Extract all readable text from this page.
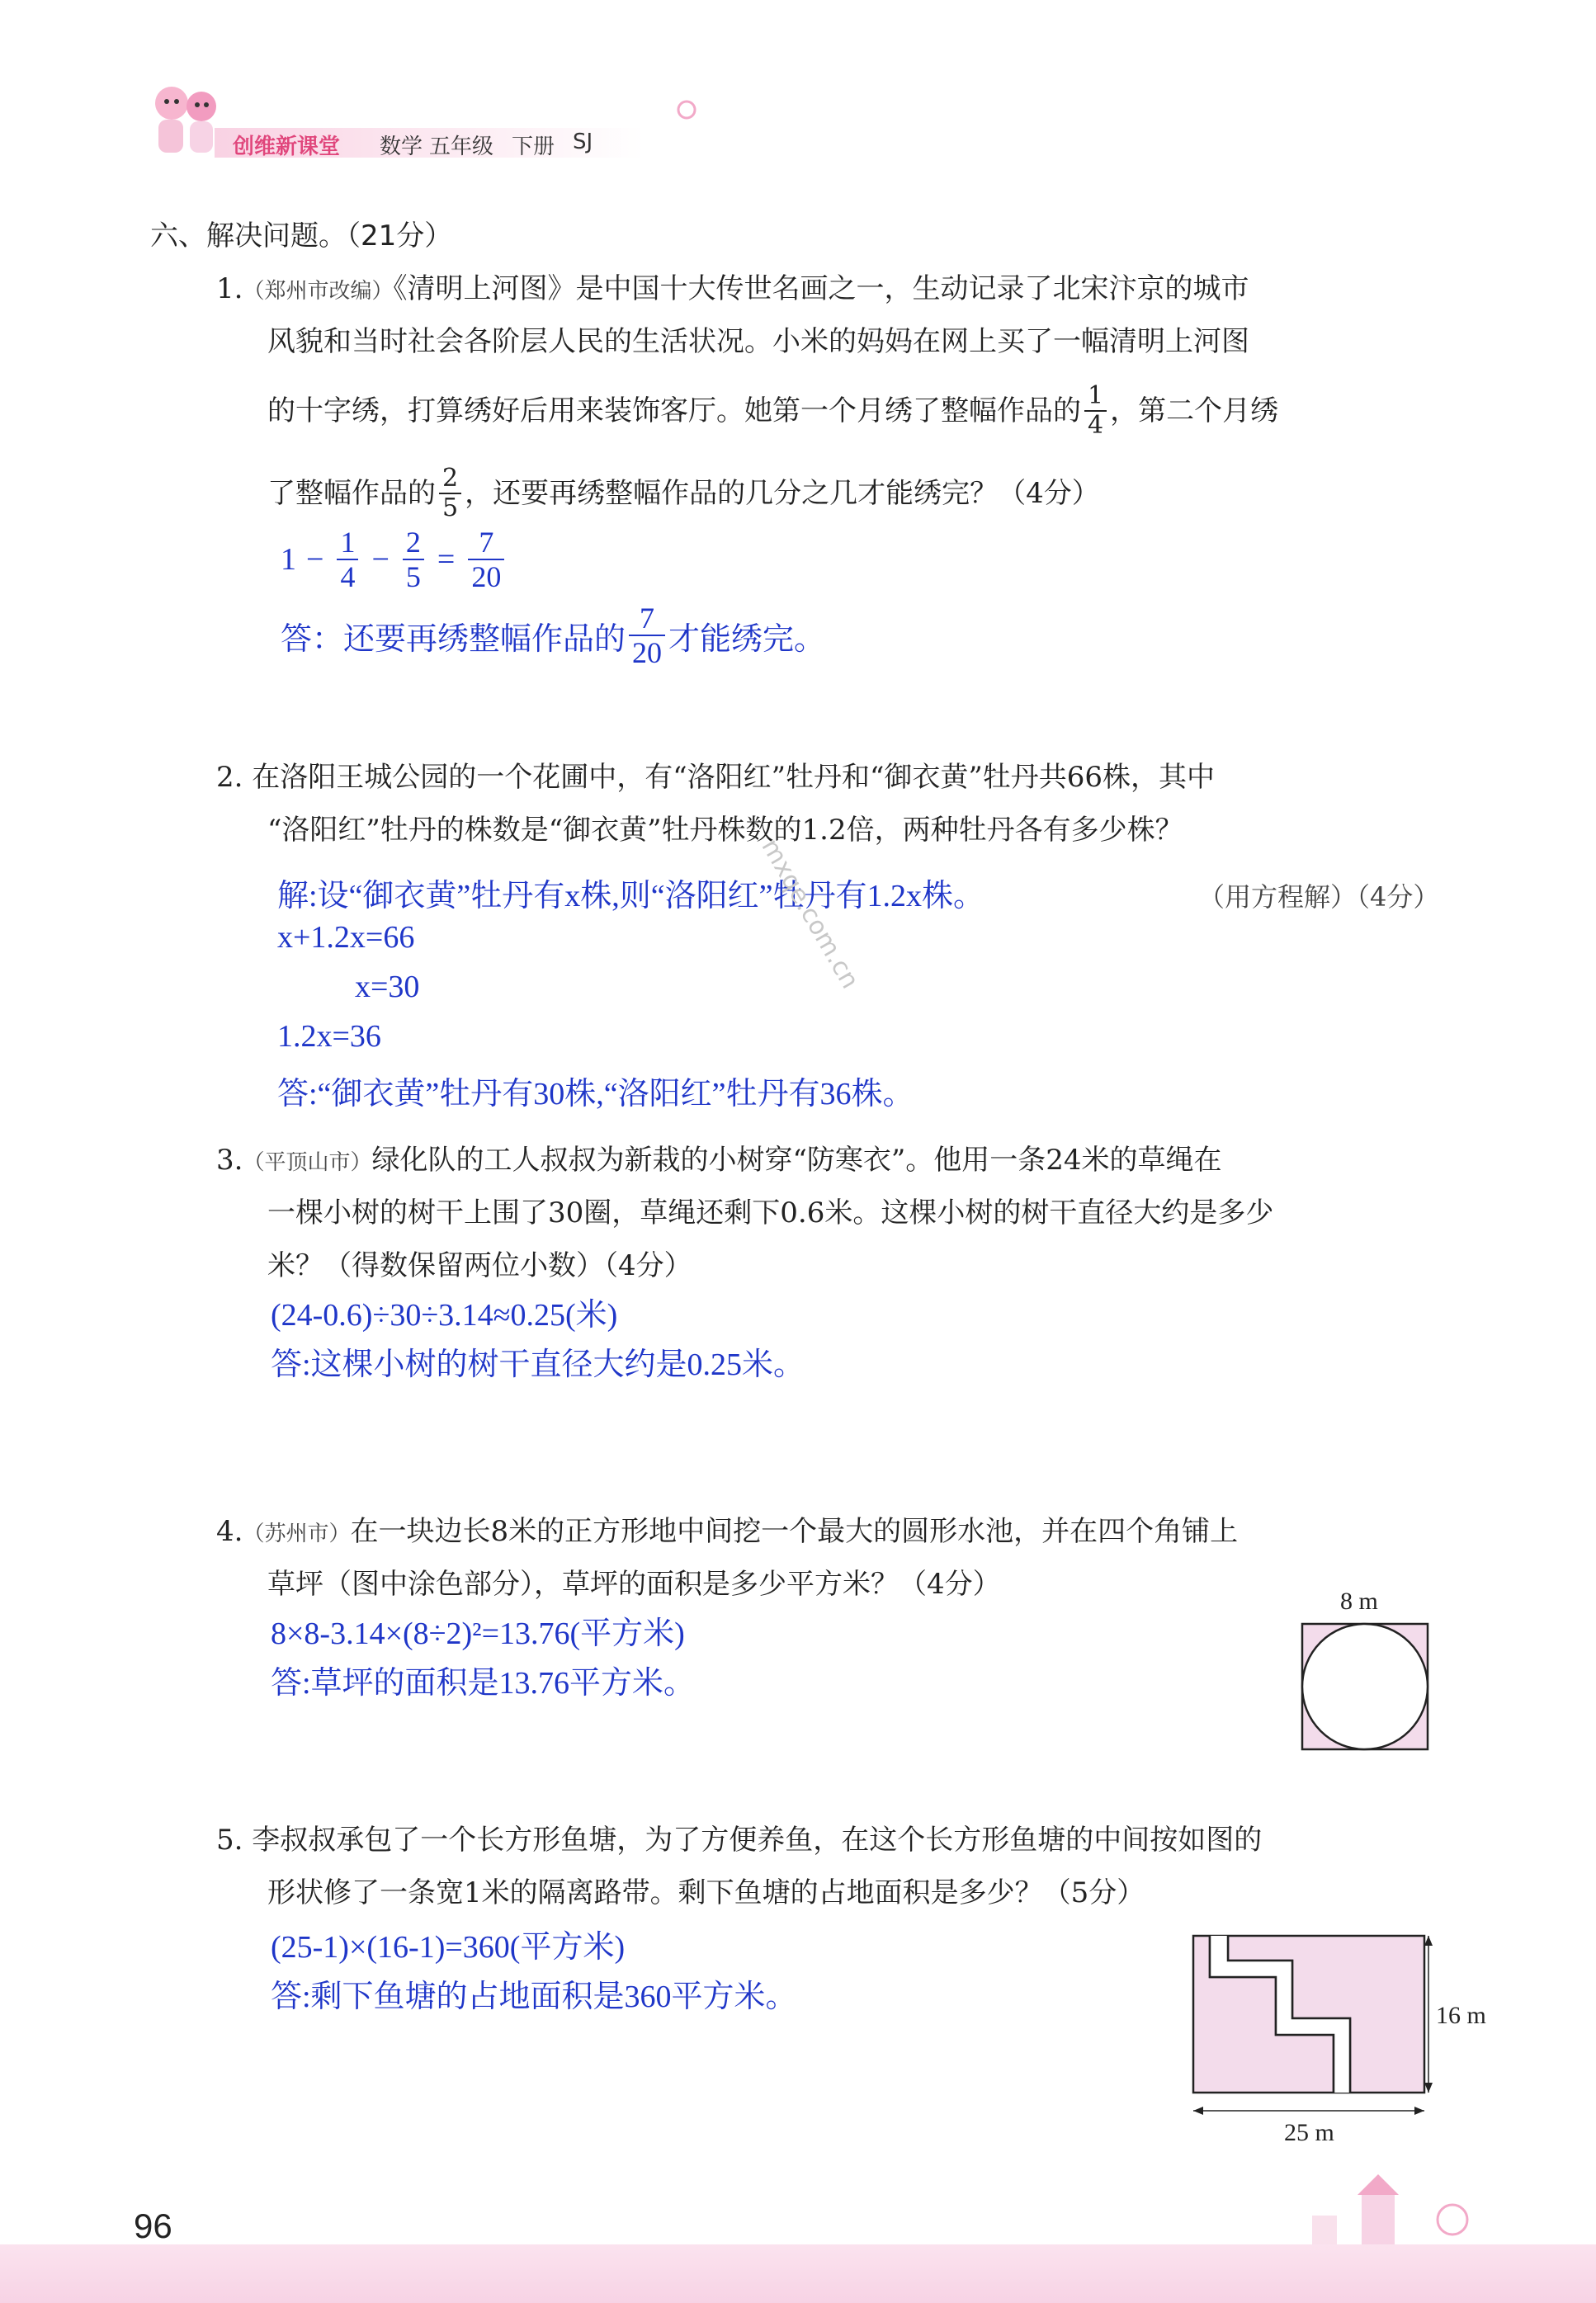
创维新课堂 数学 五年级 下册 SJ
六、解决问题。（21分）
1.（郑州市改编）《清明上河图》是中国十大传世名画之一，生动记录了北宋汴京的城市
风貌和当时社会各阶层人民的生活状况。小米的妈妈在网上买了一幅清明上河图
的十字绣，打算绣好后用来装饰客厅。她第一个月绣了整幅作品的 $\frac{1}{4}$ ，第二个月绣
了整幅作品的 $\frac{2}{5}$ ，还要再绣整幅作品的几分之几才能绣完？（4分）
$1 - \frac{1}{4} - \frac{2}{5} = \frac{7}{20}$
答：还要再绣整幅作品的 $\frac{7}{20}$ 才能绣完。
2. 在洛阳王城公园的一个花圃中，有“洛阳红”牡丹和“御衣黄”牡丹共66株，其中
“洛阳红”牡丹的株数是“御衣黄”牡丹株数的1.2倍，两种牡丹各有多少株？
（用方程解）（4分）
解:设“御衣黄”牡丹有x株,则“洛阳红”牡丹有1.2x株。
x+1.2x=66
x=30
1.2x=36
答:“御衣黄”牡丹有30株,“洛阳红”牡丹有36株。
mxqe.com.cn
3.（平顶山市）绿化队的工人叔叔为新栽的小树穿“防寒衣”。他用一条24米的草绳在
一棵小树的树干上围了30圈，草绳还剩下0.6米。这棵小树的树干直径大约是多少
米？（得数保留两位小数）（4分）
(24-0.6)÷30÷3.14≈0.25(米)
答:这棵小树的树干直径大约是0.25米。
4.（苏州市）在一块边长8米的正方形地中间挖一个最大的圆形水池，并在四个角铺上
草坪（图中涂色部分），草坪的面积是多少平方米？（4分）
8×8-3.14×(8÷2)²=13.76(平方米)
答:草坪的面积是13.76平方米。
8 m
5. 李叔叔承包了一个长方形鱼塘，为了方便养鱼，在这个长方形鱼塘的中间按如图的
形状修了一条宽1米的隔离路带。剩下鱼塘的占地面积是多少？（5分）
(25-1)×(16-1)=360(平方米)
答:剩下鱼塘的占地面积是360平方米。
16 m
25 m
96
